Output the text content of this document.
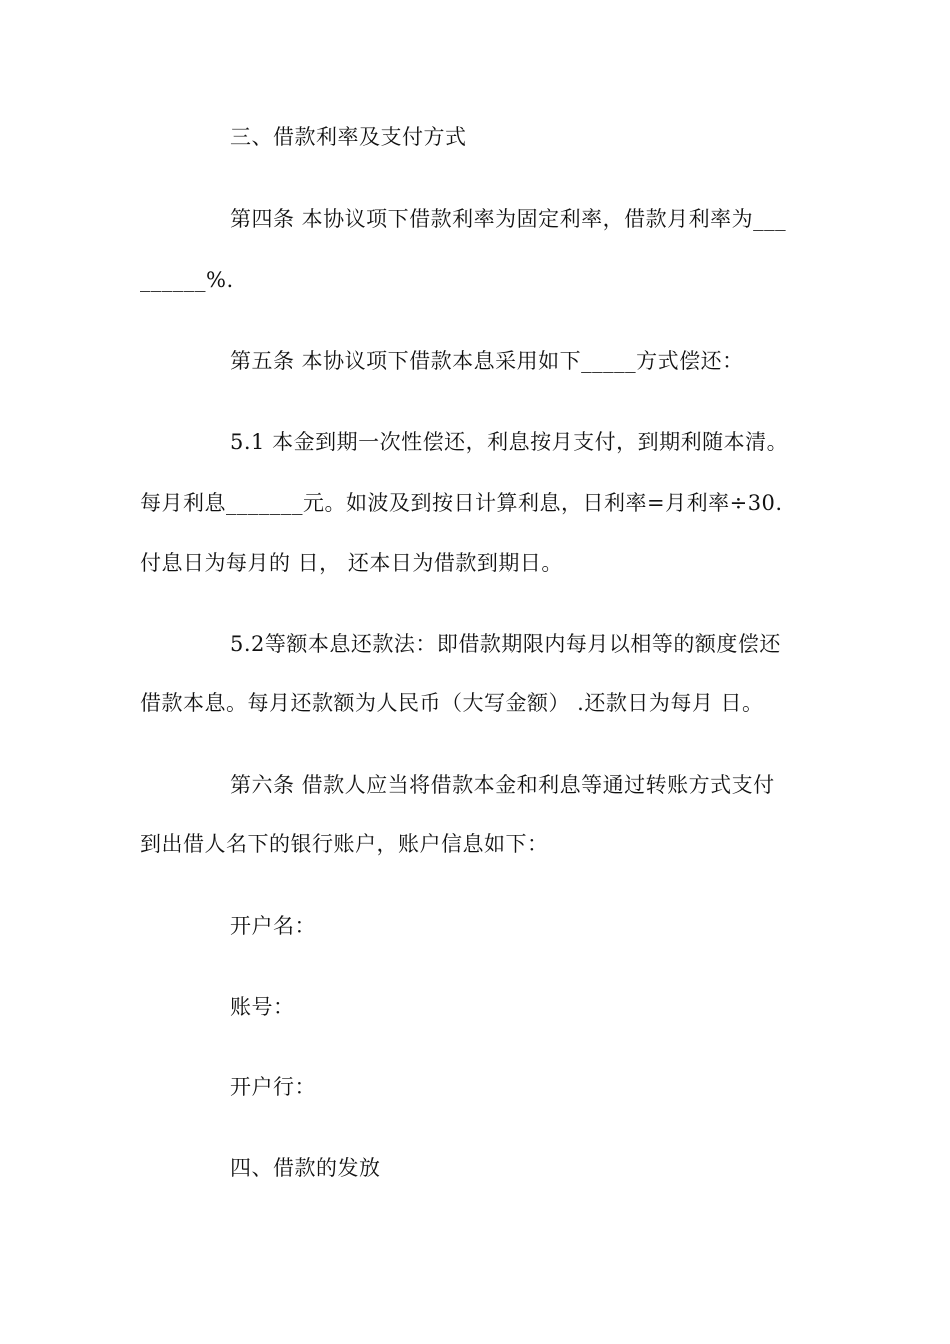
三、借款利率及支付方式
第四条 本协议项下借款利率为固定利率，借款月利率为___
______%.
第五条 本协议项下借款本息采用如下_____方式偿还：
5.1 本金到期一次性偿还，利息按月支付，到期利随本清。
每月利息_______元。如波及到按日计算利息，日利率=月利率÷30.
付息日为每月的 日， 还本日为借款到期日。
5.2等额本息还款法：即借款期限内每月以相等的额度偿还
借款本息。每月还款额为人民币（大写金额） .还款日为每月 日。
第六条 借款人应当将借款本金和利息等通过转账方式支付
到出借人名下的银行账户，账户信息如下：
开户名：
账号：
开户行：
四、借款的发放
